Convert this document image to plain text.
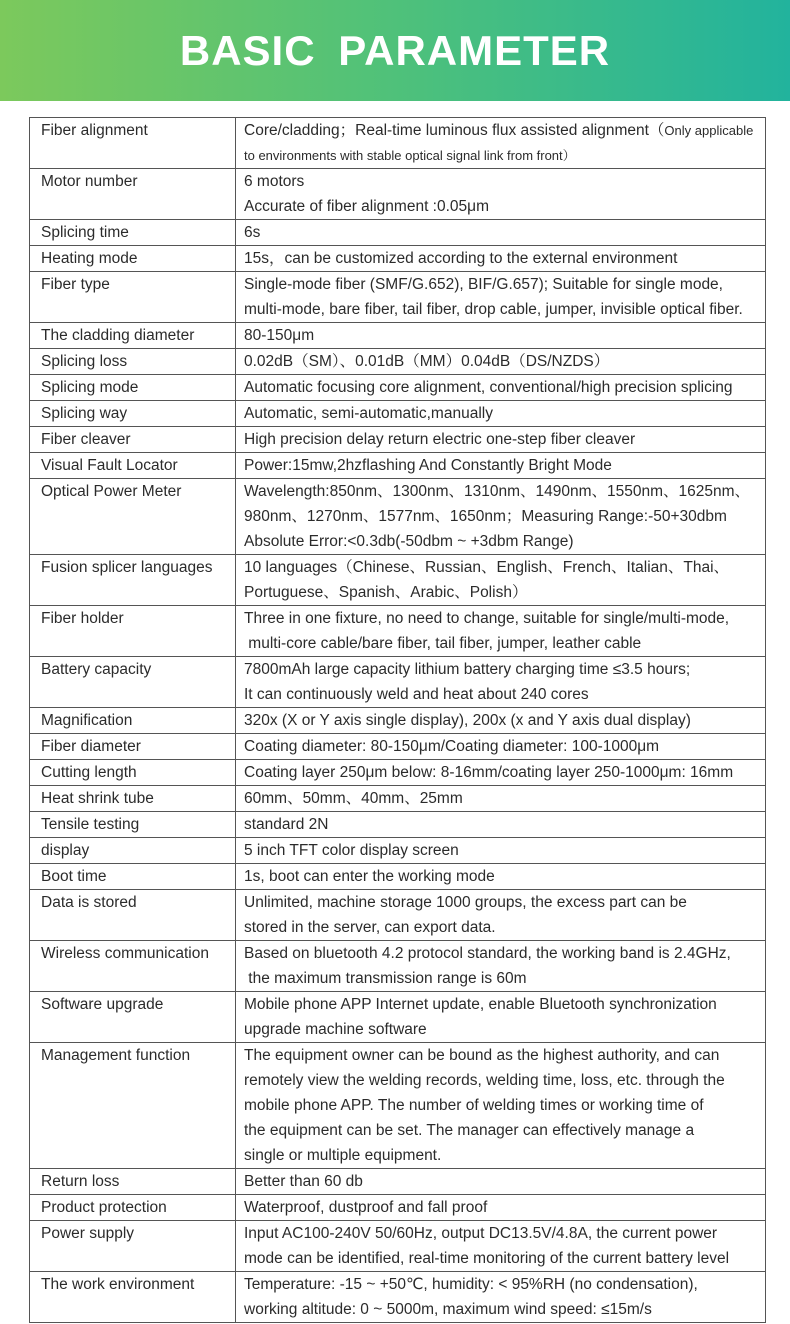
BASIC PARAMETER
Fiber alignment	Core/cladding；Real-time luminous flux assisted alignment（Only applicable
to environments with stable optical signal link from front）
Motor number	6 motors
Accurate of fiber alignment :0.05μm
Splicing time	6s
Heating mode	15s，can be customized according to the external environment
Fiber type	Single-mode fiber (SMF/G.652), BIF/G.657); Suitable for single mode,
multi-mode, bare fiber, tail fiber, drop cable, jumper, invisible optical fiber.
The cladding diameter	80-150μm
Splicing loss	0.02dB（SM）、0.01dB（MM）0.04dB（DS/NZDS）
Splicing mode	Automatic focusing core alignment, conventional/high precision splicing
Splicing way	Automatic, semi-automatic,manually
Fiber cleaver	High precision delay return electric one-step fiber cleaver
Visual Fault Locator	Power:15mw,2hzflashing And Constantly Bright Mode
Optical Power Meter	Wavelength:850nm、1300nm、1310nm、1490nm、1550nm、1625nm、
980nm、1270nm、1577nm、1650nm；Measuring Range:-50+30dbm
Absolute Error:<0.3db(-50dbm ~ +3dbm Range)
Fusion splicer languages	10 languages（Chinese、Russian、English、French、Italian、Thai、
Portuguese、Spanish、Arabic、Polish）
Fiber holder	Three in one fixture, no need to change, suitable for single/multi-mode,
multi-core cable/bare fiber, tail fiber, jumper, leather cable
Battery capacity	7800mAh large capacity lithium battery charging time ≤3.5 hours;
It can continuously weld and heat about 240 cores
Magnification	320x (X or Y axis single display), 200x (x and Y axis dual display)
Fiber diameter	Coating diameter: 80-150μm/Coating diameter: 100-1000μm
Cutting length	Coating layer 250μm below: 8-16mm/coating layer 250-1000μm: 16mm
Heat shrink tube	60mm、50mm、40mm、25mm
Tensile testing	standard 2N
display	5 inch TFT color display screen
Boot time	1s, boot can enter the working mode
Data is stored	Unlimited, machine storage 1000 groups, the excess part can be
stored in the server, can export data.
Wireless communication	Based on bluetooth 4.2 protocol standard, the working band is 2.4GHz,
the maximum transmission range is 60m
Software upgrade	Mobile phone APP Internet update, enable Bluetooth synchronization
upgrade machine software
Management function	The equipment owner can be bound as the highest authority, and can
remotely view the welding records, welding time, loss, etc. through the
mobile phone APP. The number of welding times or working time of
the equipment can be set. The manager can effectively manage a
single or multiple equipment.
Return loss	Better than 60 db
Product protection	Waterproof, dustproof and fall proof
Power supply	Input AC100-240V 50/60Hz, output DC13.5V/4.8A, the current power
mode can be identified, real-time monitoring of the current battery level
The work environment	Temperature: -15 ~ +50℃, humidity: < 95%RH (no condensation),
working altitude: 0 ~ 5000m, maximum wind speed: ≤15m/s
